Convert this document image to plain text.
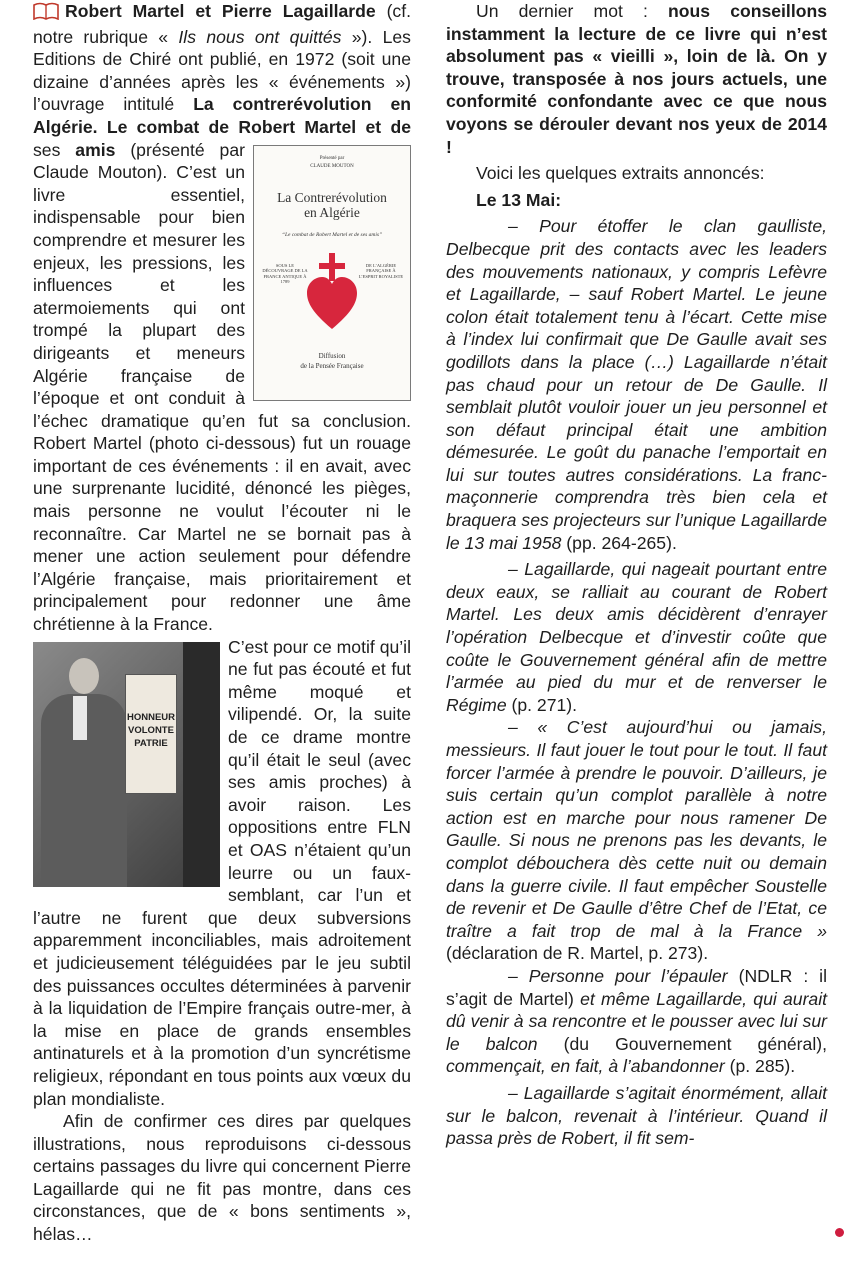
Robert Martel et Pierre Lagaillarde (cf. notre rubrique « Ils nous ont quittés »). Les Editions de Chiré ont publié, en 1972 (soit une dizaine d’années après les « événements ») l’ouvrage intitulé La contrerévolution en Algérie. Le combat de Robert Martel et de ses amis	Présenté par
CLAUDE MOUTON
La Contrerévolution
en Algérie
“Le combat de Robert Martel et de ses amis”
SOUS LE DÉCOUVRAGE DE LA FRANCE ANTIQUE À 1789
DE L’ALGÉRIE FRANÇAISE À L’ESPRIT ROYALISTE
Diffusion
de la Pensée Française
(présenté par Claude Mouton). C’est un livre essentiel, indispensable pour bien comprendre et mesurer les enjeux, les pressions, les influences et les atermoiements qui ont trompé la plupart des dirigeants et meneurs Algérie française de l’époque et ont conduit à l’échec dramatique qu’en fut sa conclusion. Robert Martel (photo ci-dessous) fut un rouage important de ces événements : il en avait, avec une surprenante lucidité, dénoncé les pièges, mais personne ne voulut l’écouter ni le reconnaître. Car Martel ne se bornait pas à mener une action seulement pour défendre l’Algérie française, mais prioritairement et principalement pour redonner une âme chrétienne à la France.

HONNEUR
VOLONTE
PATRIE
C’est pour ce motif qu’il ne fut pas écouté et fut même moqué et vilipendé. Or, la suite de ce drame montre qu’il était le seul (avec ses amis proches) à avoir raison. Les oppositions entre FLN et OAS n’étaient qu’un leurre ou un faux-semblant, car l’un et l’autre ne furent que deux subversions apparemment inconciliables, mais adroitement et judicieusement téléguidées par le jeu subtil des puissances occultes déterminées à parvenir à la liquidation de l’Empire français outre-mer, à la mise en place de grands ensembles antinaturels et à la promotion d’un syncrétisme religieux, répondant en tous points aux vœux du plan mondialiste.

Afin de confirmer ces dires par quelques illustrations, nous reproduisons ci-dessous certains passages du livre qui concernent Pierre Lagaillarde qui ne fit pas montre, dans ces circonstances, que de « bons sentiments », hélas…

Un dernier mot : nous conseillons instamment la lecture de ce livre qui n’est absolument pas « vieilli », loin de là. On y trouve, transposée à nos jours actuels, une conformité confondante avec ce que nous voyons se dérouler devant nos yeux de 2014 !

Voici les quelques extraits annoncés:

Le 13 Mai:

– Pour étoffer le clan gaulliste, Delbecque prit des contacts avec les leaders des mouvements nationaux, y compris Lefèvre et Lagaillarde, – sauf Robert Martel. Le jeune colon était totalement tenu à l’écart. Cette mise à l’index lui confirmait que De Gaulle avait ses godillots dans la place (…) Lagaillarde n’était pas chaud pour un retour de De Gaulle. Il semblait plutôt vouloir jouer un jeu personnel et son défaut principal était une ambition démesurée. Le goût du panache l’emportait en lui sur toutes autres considérations. La franc-maçonnerie comprendra très bien cela et braquera ses projecteurs sur l’unique Lagaillarde le 13 mai 1958 (pp. 264-265).

– Lagaillarde, qui nageait pourtant entre deux eaux, se ralliait au courant de Robert Martel. Les deux amis décidèrent d’enrayer l’opération Delbecque et d’investir coûte que coûte le Gouvernement général afin de mettre l’armée au pied du mur et de renverser le Régime (p. 271).

– « C’est aujourd’hui ou jamais, messieurs. Il faut jouer le tout pour le tout. Il faut forcer l’armée à prendre le pouvoir. D’ailleurs, je suis certain qu’un complot parallèle à notre action est en marche pour nous ramener De Gaulle. Si nous ne prenons pas les devants, le complot débouchera dès cette nuit ou demain dans la guerre civile. Il faut empêcher Soustelle de revenir et De Gaulle d’être Chef de l’Etat, ce traître a fait trop de mal à la France » (déclaration de R. Martel, p. 273).

– Personne pour l’épauler (NDLR : il s’agit de Martel) et même Lagaillarde, qui aurait dû venir à sa rencontre et le pousser avec lui sur le balcon (du Gouvernement général), commençait, en fait, à l’abandonner (p. 285).

– Lagaillarde s’agitait énormément, allait sur le balcon, revenait à l’intérieur. Quand il passa près de Robert, il fit sem-
